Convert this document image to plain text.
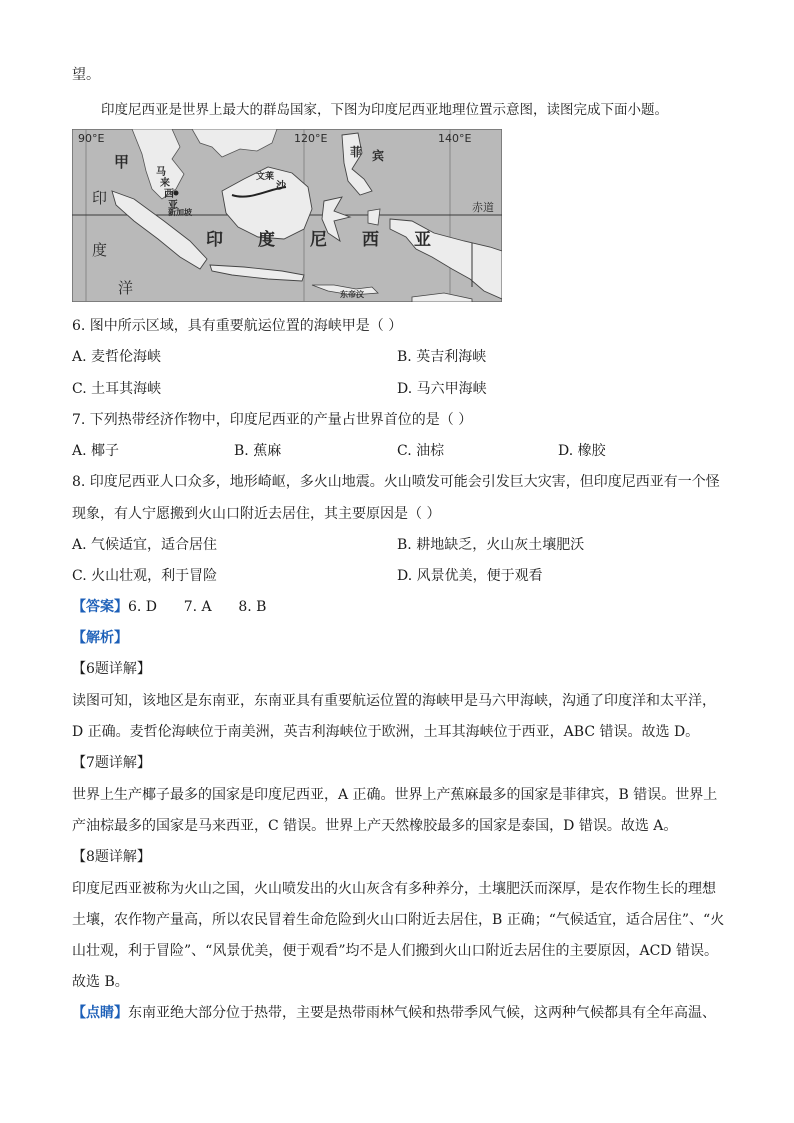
望。
印度尼西亚是世界上最大的群岛国家，下图为印度尼西亚地理位置示意图，读图完成下面小题。
90°E	120°E	140°E
甲
马
来
西
亚
新加坡
文莱
沙
菲 宾
印
度
洋
印 度 尼 西 亚
赤道
东帝汶
6. 图中所示区域，具有重要航运位置的海峡甲是（ ）
A. 麦哲伦海峡	B. 英吉利海峡
C. 土耳其海峡	D. 马六甲海峡
7. 下列热带经济作物中，印度尼西亚的产量占世界首位的是（ ）
A. 椰子	B. 蕉麻	C. 油棕	D. 橡胶
8. 印度尼西亚人口众多，地形崎岖，多火山地震。火山喷发可能会引发巨大灾害，但印度尼西亚有一个怪
现象，有人宁愿搬到火山口附近去居住，其主要原因是（ ）
A. 气候适宜，适合居住	B. 耕地缺乏，火山灰土壤肥沃
C. 火山壮观，利于冒险	D. 风景优美，便于观看
【答案】6. D      7. A      8. B
【解析】
【6题详解】
读图可知，该地区是东南亚，东南亚具有重要航运位置的海峡甲是马六甲海峡，沟通了印度洋和太平洋，
D 正确。麦哲伦海峡位于南美洲，英吉利海峡位于欧洲，土耳其海峡位于西亚，ABC 错误。故选 D。
【7题详解】
世界上生产椰子最多的国家是印度尼西亚，A 正确。世界上产蕉麻最多的国家是菲律宾，B 错误。世界上
产油棕最多的国家是马来西亚，C 错误。世界上产天然橡胶最多的国家是泰国，D 错误。故选 A。
【8题详解】
印度尼西亚被称为火山之国，火山喷发出的火山灰含有多种养分，土壤肥沃而深厚，是农作物生长的理想
土壤，农作物产量高，所以农民冒着生命危险到火山口附近去居住，B 正确；“气候适宜，适合居住”、“火
山壮观，利于冒险”、“风景优美，便于观看”均不是人们搬到火山口附近去居住的主要原因，ACD 错误。
故选 B。
【点睛】东南亚绝大部分位于热带，主要是热带雨林气候和热带季风气候，这两种气候都具有全年高温、
